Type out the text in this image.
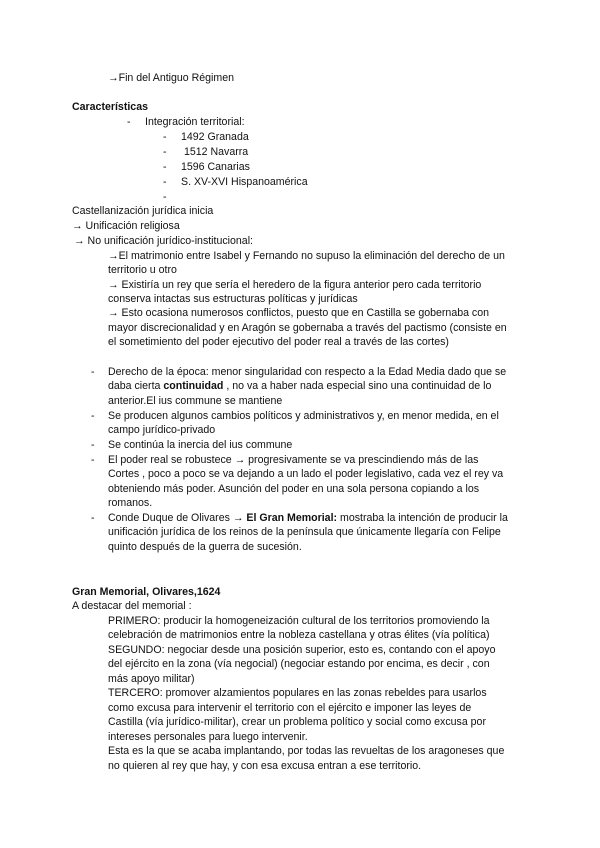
→Fin del Antiguo Régimen
Características
- Integración territorial:
- 1492 Granada
- 1512 Navarra
- 1596 Canarias
- S. XV-XVI Hispanoamérica
-
Castellanización jurídica inicia
→ Unificación religiosa
→ No unificación jurídico-institucional:
→El matrimonio entre Isabel y Fernando no supuso la eliminación del derecho de un
territorio u otro
→ Existiría un rey que sería el heredero de la figura anterior pero cada territorio
conserva intactas sus estructuras políticas y jurídicas
→ Esto ocasiona numerosos conflictos, puesto que en Castilla se gobernaba con
mayor discrecionalidad y en Aragón se gobernaba a través del pactismo (consiste en
el sometimiento del poder ejecutivo del poder real a través de las cortes)
- Derecho de la época: menor singularidad con respecto a la Edad Media dado que se
daba cierta continuidad , no va a haber nada especial sino una continuidad de lo
anterior.El ius commune se mantiene
- Se producen algunos cambios políticos y administrativos y, en menor medida, en el
campo jurídico-privado
- Se continúa la inercia del ius commune
- El poder real se robustece → progresivamente se va prescindiendo más de las
Cortes , poco a poco se va dejando a un lado el poder legislativo, cada vez el rey va
obteniendo más poder. Asunción del poder en una sola persona copiando a los
romanos.
- Conde Duque de Olivares → El Gran Memorial: mostraba la intención de producir la
unificación jurídica de los reinos de la península que únicamente llegaría con Felipe
quinto después de la guerra de sucesión.
Gran Memorial, Olivares,1624
A destacar del memorial :
PRIMERO: producir la homogeneización cultural de los territorios promoviendo la
celebración de matrimonios entre la nobleza castellana y otras élites (vía política)
SEGUNDO: negociar desde una posición superior, esto es, contando con el apoyo
del ejército en la zona (vía negocial) (negociar estando por encima, es decir , con
más apoyo militar)
TERCERO: promover alzamientos populares en las zonas rebeldes para usarlos
como excusa para intervenir el territorio con el ejército e imponer las leyes de
Castilla (vía jurídico-militar), crear un problema político y social como excusa por
intereses personales para luego intervenir.
Esta es la que se acaba implantando, por todas las revueltas de los aragoneses que
no quieren al rey que hay, y con esa excusa entran a ese territorio.
